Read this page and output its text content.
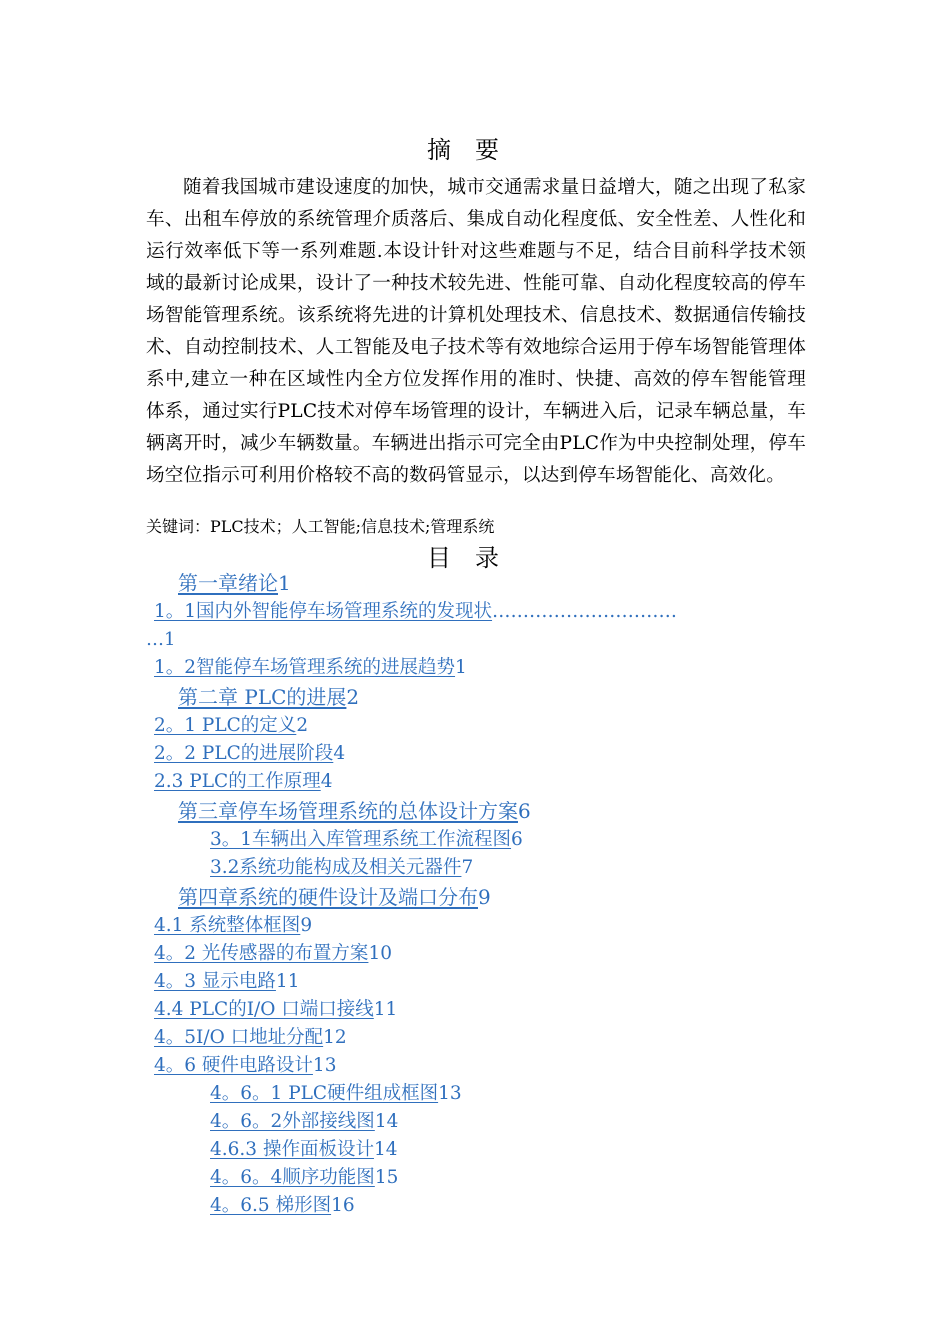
摘要

随着我国城市建设速度的加快，城市交通需求量日益增大，随之出现了私家车、出租车停放的系统管理介质落后、集成自动化程度低、安全性差、人性化和运行效率低下等一系列难题.本设计针对这些难题与不足，结合目前科学技术领域的最新讨论成果，设计了一种技术较先进、性能可靠、自动化程度较高的停车场智能管理系统。该系统将先进的计算机处理技术、信息技术、数据通信传输技术、自动控制技术、人工智能及电子技术等有效地综合运用于停车场智能管理体系中,建立一种在区域性内全方位发挥作用的准时、快捷、高效的停车智能管理体系，通过实行PLC技术对停车场管理的设计，车辆进入后，记录车辆总量，车辆离开时，减少车辆数量。车辆进出指示可完全由PLC作为中央控制处理，停车场空位指示可利用价格较不高的数码管显示，以达到停车场智能化、高效化。

关键词：PLC技术；人工智能;信息技术;管理系统
目录
第一章绪论1
1。1国内外智能停车场管理系统的发现状…………………………
…1
1。2智能停车场管理系统的进展趋势1
第二章 PLC的进展2
2。1 PLC的定义2
2。2 PLC的进展阶段4
2.3 PLC的工作原理4
第三章停车场管理系统的总体设计方案6
3。1车辆出入库管理系统工作流程图6
3.2系统功能构成及相关元器件7
第四章系统的硬件设计及端口分布9
4.1 系统整体框图9
4。2 光传感器的布置方案10
4。3 显示电路11
4.4 PLC的I/O 口端口接线11
4。5I/O 口地址分配12
4。6 硬件电路设计13
4。6。1 PLC硬件组成框图13
4。6。2外部接线图14
4.6.3 操作面板设计14
4。6。4顺序功能图15
4。6.5 梯形图16
